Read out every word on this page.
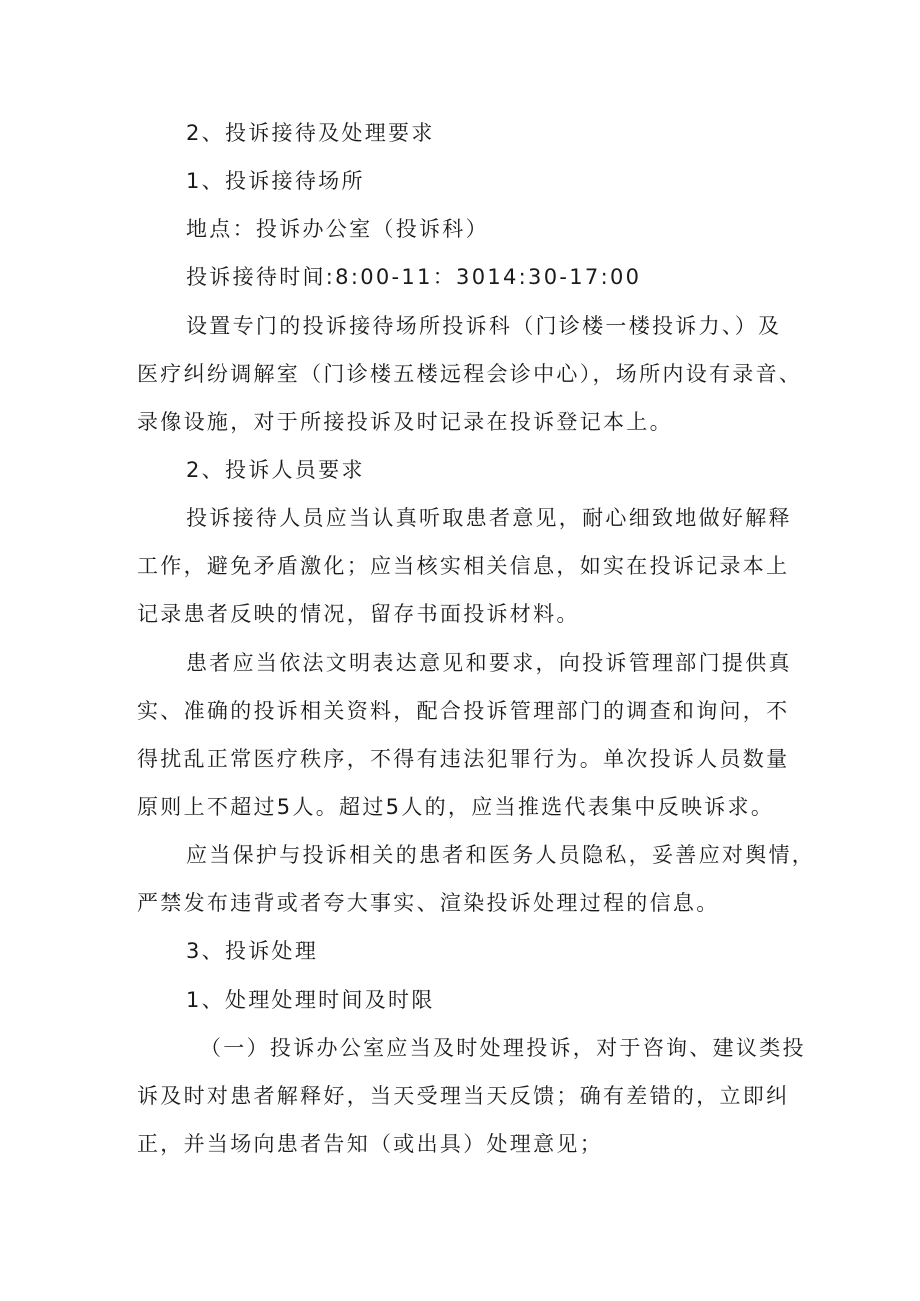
2、投诉接待及处理要求
1、投诉接待场所
地点：投诉办公室（投诉科）
投诉接待时间:8:00-11：3014:30-17:00
设置专门的投诉接待场所投诉科（门诊楼一楼投诉力、）及
医疗纠纷调解室（门诊楼五楼远程会诊中心），场所内设有录音、
录像设施，对于所接投诉及时记录在投诉登记本上。
2、投诉人员要求
投诉接待人员应当认真听取患者意见，耐心细致地做好解释
工作，避免矛盾激化；应当核实相关信息，如实在投诉记录本上
记录患者反映的情况，留存书面投诉材料。
患者应当依法文明表达意见和要求，向投诉管理部门提供真
实、准确的投诉相关资料，配合投诉管理部门的调查和询问，不
得扰乱正常医疗秩序，不得有违法犯罪行为。单次投诉人员数量
原则上不超过5人。超过5人的，应当推选代表集中反映诉求。
应当保护与投诉相关的患者和医务人员隐私，妥善应对舆情，
严禁发布违背或者夸大事实、渲染投诉处理过程的信息。
3、投诉处理
1、处理处理时间及时限
（一）投诉办公室应当及时处理投诉，对于咨询、建议类投
诉及时对患者解释好，当天受理当天反馈；确有差错的，立即纠
正，并当场向患者告知（或出具）处理意见；
